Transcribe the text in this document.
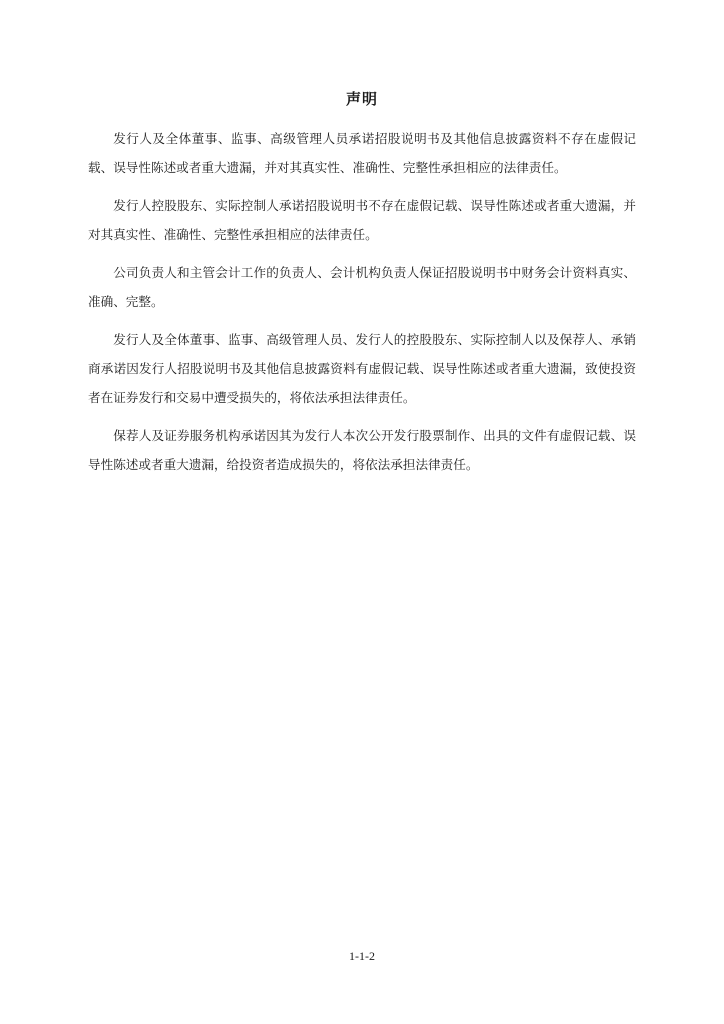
声明

发行人及全体董事、监事、高级管理人员承诺招股说明书及其他信息披露资料不存在虚假记载、误导性陈述或者重大遗漏，并对其真实性、准确性、完整性承担相应的法律责任。

发行人控股股东、实际控制人承诺招股说明书不存在虚假记载、误导性陈述或者重大遗漏，并对其真实性、准确性、完整性承担相应的法律责任。

公司负责人和主管会计工作的负责人、会计机构负责人保证招股说明书中财务会计资料真实、准确、完整。

发行人及全体董事、监事、高级管理人员、发行人的控股股东、实际控制人以及保荐人、承销商承诺因发行人招股说明书及其他信息披露资料有虚假记载、误导性陈述或者重大遗漏，致使投资者在证券发行和交易中遭受损失的，将依法承担法律责任。

保荐人及证券服务机构承诺因其为发行人本次公开发行股票制作、出具的文件有虚假记载、误导性陈述或者重大遗漏，给投资者造成损失的，将依法承担法律责任。

1-1-2
